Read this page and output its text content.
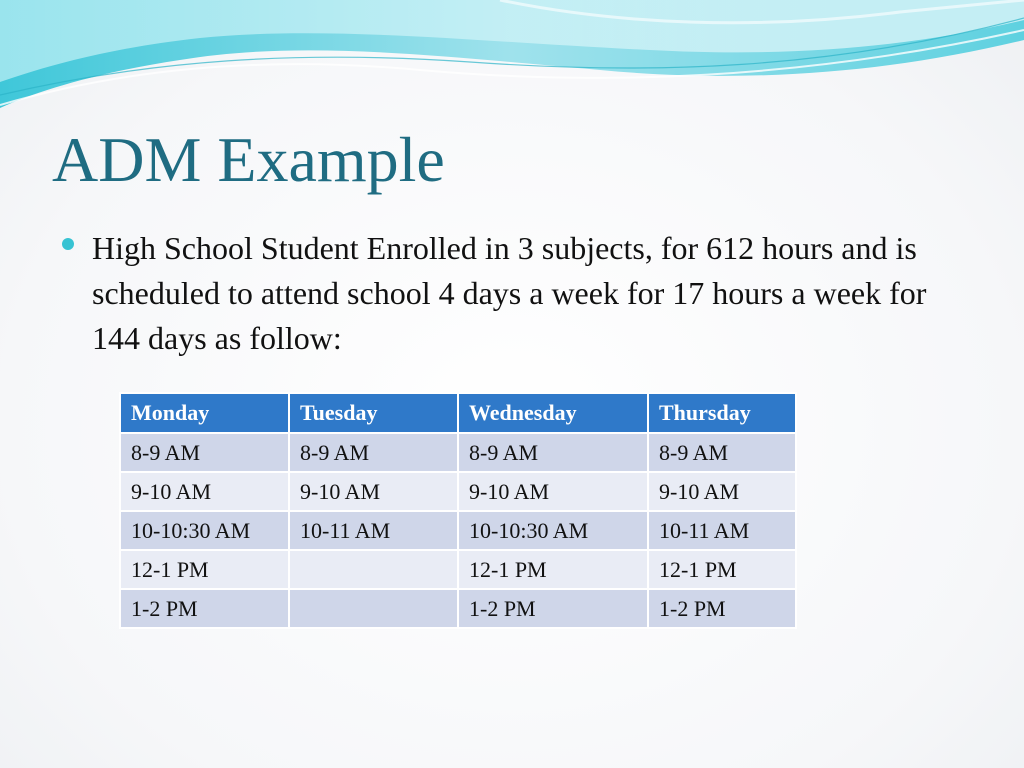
ADM Example

High School Student Enrolled in 3 subjects, for 612 hours and is scheduled to attend school 4 days a week for 17 hours a week for 144 days as follow:

Monday	Tuesday	Wednesday	Thursday
8-9 AM	8-9 AM	8-9 AM	8-9 AM
9-10 AM	9-10 AM	9-10 AM	9-10 AM
10-10:30 AM	10-11 AM	10-10:30 AM	10-11 AM
12-1 PM		12-1 PM	12-1 PM
1-2 PM		1-2 PM	1-2 PM
